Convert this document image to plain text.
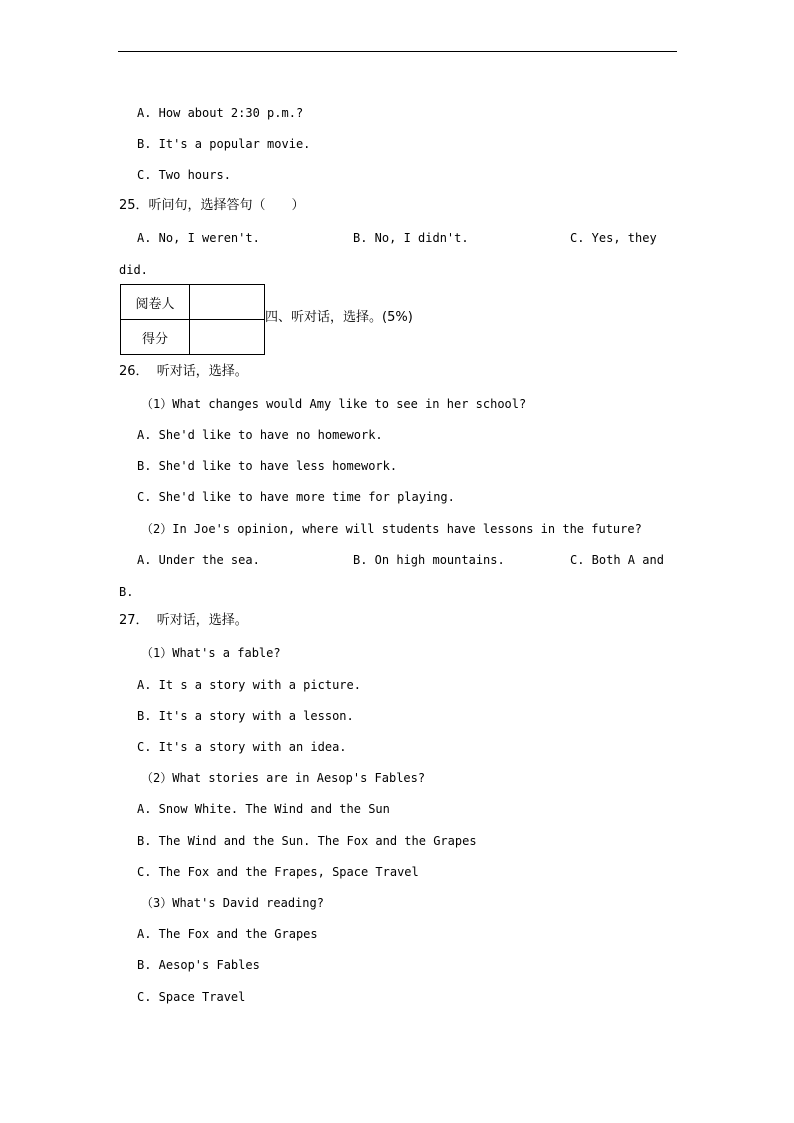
A. How about 2:30 p.m.?
B. It's a popular movie.
C. Two hours.
25．听问句，选择答句（　　）
A. No, I weren't.	B. No, I didn't.	C. Yes, they
did.
阅卷人	
得分	
四、听对话，选择。(5%)
26．  听对话，选择。
（1）What changes would Amy like to see in her school?
A. She'd like to have no homework.
B. She'd like to have less homework.
C. She'd like to have more time for playing.
（2）In Joe's opinion, where will students have lessons in the future?
A. Under the sea.	B. On high mountains.	C. Both A and
B.
27．  听对话，选择。
（1）What's a fable?
A. It s a story with a picture.
B. It's a story with a lesson.
C. It's a story with an idea.
（2）What stories are in Aesop's Fables?
A. Snow White. The Wind and the Sun
B. The Wind and the Sun. The Fox and the Grapes
C. The Fox and the Frapes, Space Travel
（3）What's David reading?
A. The Fox and the Grapes
B. Aesop's Fables
C. Space Travel
